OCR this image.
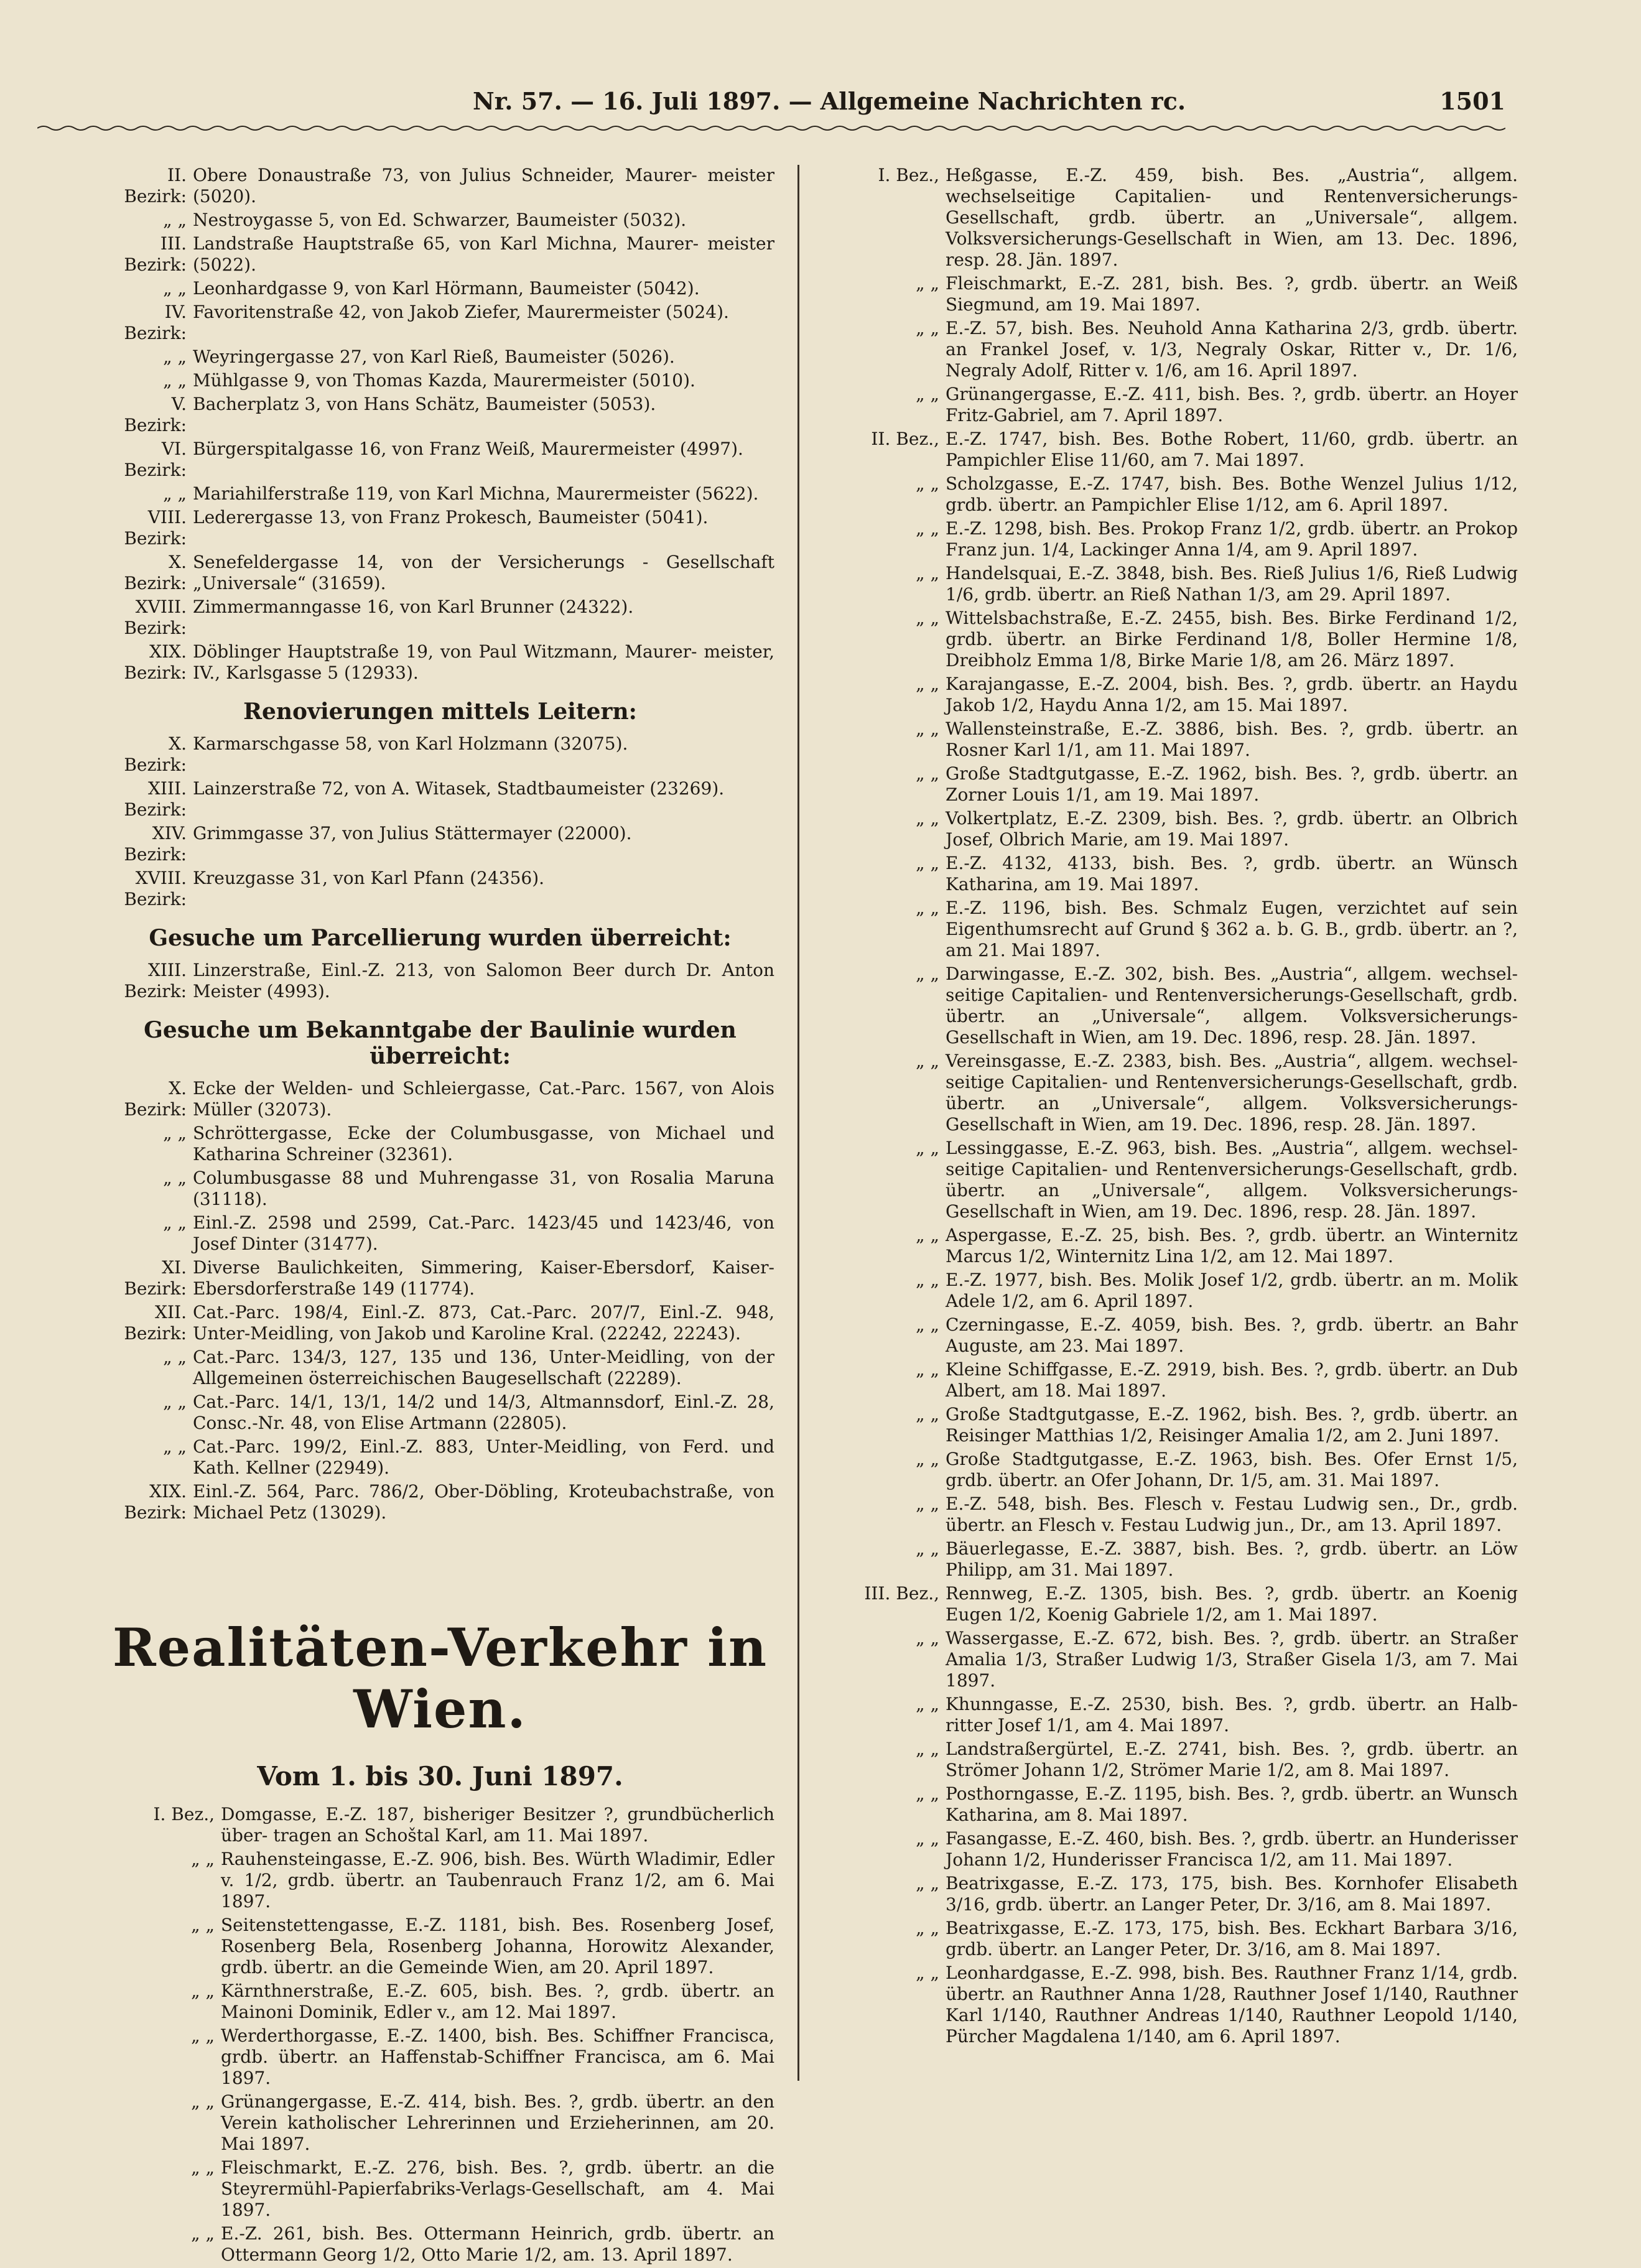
Nr. 57. — 16. Juli 1897. — Allgemeine Nachrichten rc.	1501
II. Bezirk:
Obere Donaustraße 73, von Julius Schneider, Maurer- meister (5020).
„ „ Nestroygasse 5, von Ed. Schwarzer, Baumeister (5032).
III. Bezirk:
Landstraße Hauptstraße 65, von Karl Michna, Maurer- meister (5022).
„ „ Leonhardgasse 9, von Karl Hörmann, Baumeister (5042).
IV. Bezirk:
Favoritenstraße 42, von Jakob Ziefer, Maurermeister (5024).
„ „ Weyringergasse 27, von Karl Rieß, Baumeister (5026).
„ „ Mühlgasse 9, von Thomas Kazda, Maurermeister (5010).
V. Bezirk:
Bacherplatz 3, von Hans Schätz, Baumeister (5053).
VI. Bezirk:
Bürgerspitalgasse 16, von Franz Weiß, Maurermeister (4997).
„ „ Mariahilferstraße 119, von Karl Michna, Maurermeister (5622).
VIII. Bezirk:
Lederergasse 13, von Franz Prokesch, Baumeister (5041).
X. Bezirk:
Senefeldergasse 14, von der Versicherungs - Gesellschaft „Universale“ (31659).
XVIII. Bezirk:
Zimmermanngasse 16, von Karl Brunner (24322).
XIX. Bezirk:
Döblinger Hauptstraße 19, von Paul Witzmann, Maurer- meister, IV., Karlsgasse 5 (12933).
Renovierungen mittels Leitern:
X. Bezirk:
Karmarschgasse 58, von Karl Holzmann (32075).
XIII. Bezirk:
Lainzerstraße 72, von A. Witasek, Stadtbaumeister (23269).
XIV. Bezirk:
Grimmgasse 37, von Julius Stättermayer (22000).
XVIII. Bezirk:
Kreuzgasse 31, von Karl Pfann (24356).
Gesuche um Parcellierung wurden überreicht:
XIII. Bezirk:
Linzerstraße, Einl.-Z. 213, von Salomon Beer durch Dr. Anton Meister (4993).
Gesuche um Bekanntgabe der Baulinie wurden überreicht:
X. Bezirk:
Ecke der Welden- und Schleiergasse, Cat.-Parc. 1567, von Alois Müller (32073).
„ „ Schröttergasse, Ecke der Columbusgasse, von Michael und Katharina Schreiner (32361).
„ „ Columbusgasse 88 und Muhrengasse 31, von Rosalia Maruna (31118).
„ „ Einl.-Z. 2598 und 2599, Cat.-Parc. 1423/45 und 1423/46, von Josef Dinter (31477).
XI. Bezirk:
Diverse Baulichkeiten, Simmering, Kaiser-Ebersdorf, Kaiser- Ebersdorferstraße 149 (11774).
XII. Bezirk:
Cat.-Parc. 198/4, Einl.-Z. 873, Cat.-Parc. 207/7, Einl.-Z. 948, Unter-Meidling, von Jakob und Karoline Kral. (22242, 22243).
„ „ Cat.-Parc. 134/3, 127, 135 und 136, Unter-Meidling, von der Allgemeinen österreichischen Baugesellschaft (22289).
„ „ Cat.-Parc. 14/1, 13/1, 14/2 und 14/3, Altmannsdorf, Einl.-Z. 28, Consc.-Nr. 48, von Elise Artmann (22805).
„ „ Cat.-Parc. 199/2, Einl.-Z. 883, Unter-Meidling, von Ferd. und Kath. Kellner (22949).
XIX. Bezirk:
Einl.-Z. 564, Parc. 786/2, Ober-Döbling, Kroteubachstraße, von Michael Petz (13029).
Realitäten-Verkehr in Wien.
Vom 1. bis 30. Juni 1897.
I. Bez., Domgasse, E.-Z. 187, bisheriger Besitzer ?, grundbücherlich über- tragen an Schoštal Karl, am 11. Mai 1897.
„ „ Rauhensteingasse, E.-Z. 906, bish. Bes. Würth Wladimir, Edler v. 1/2, grdb. übertr. an Taubenrauch Franz 1/2, am 6. Mai 1897.
„ „ Seitenstettengasse, E.-Z. 1181, bish. Bes. Rosenberg Josef, Rosenberg Bela, Rosenberg Johanna, Horowitz Alexander, grdb. übertr. an die Gemeinde Wien, am 20. April 1897.
„ „ Kärnthnerstraße, E.-Z. 605, bish. Bes. ?, grdb. übertr. an Mainoni Dominik, Edler v., am 12. Mai 1897.
„ „ Werderthorgasse, E.-Z. 1400, bish. Bes. Schiffner Francisca, grdb. übertr. an Haffenstab-Schiffner Francisca, am 6. Mai 1897.
„ „ Grünangergasse, E.-Z. 414, bish. Bes. ?, grdb. übertr. an den Verein katholischer Lehrerinnen und Erzieherinnen, am 20. Mai 1897.
„ „ Fleischmarkt, E.-Z. 276, bish. Bes. ?, grdb. übertr. an die Steyrermühl-Papierfabriks-Verlags-Gesellschaft, am 4. Mai 1897.
„ „ E.-Z. 261, bish. Bes. Ottermann Heinrich, grdb. übertr. an Ottermann Georg 1/2, Otto Marie 1/2, am. 13. April 1897.
I. Bez., Heßgasse, E.-Z. 459, bish. Bes. „Austria“, allgem. wechselseitige Capitalien- und Rentenversicherungs-Gesellschaft, grdb. übertr. an „Universale“, allgem. Volksversicherungs-Gesellschaft in Wien, am 13. Dec. 1896, resp. 28. Jän. 1897.
„ „ Fleischmarkt, E.-Z. 281, bish. Bes. ?, grdb. übertr. an Weiß Siegmund, am 19. Mai 1897.
„ „ E.-Z. 57, bish. Bes. Neuhold Anna Katharina 2/3, grdb. übertr. an Frankel Josef, v. 1/3, Negraly Oskar, Ritter v., Dr. 1/6, Negraly Adolf, Ritter v. 1/6, am 16. April 1897.
„ „ Grünangergasse, E.-Z. 411, bish. Bes. ?, grdb. übertr. an Hoyer Fritz-Gabriel, am 7. April 1897.
II. Bez., E.-Z. 1747, bish. Bes. Bothe Robert, 11/60, grdb. übertr. an Pampichler Elise 11/60, am 7. Mai 1897.
„ „ Scholzgasse, E.-Z. 1747, bish. Bes. Bothe Wenzel Julius 1/12, grdb. übertr. an Pampichler Elise 1/12, am 6. April 1897.
„ „ E.-Z. 1298, bish. Bes. Prokop Franz 1/2, grdb. übertr. an Prokop Franz jun. 1/4, Lackinger Anna 1/4, am 9. April 1897.
„ „ Handelsquai, E.-Z. 3848, bish. Bes. Rieß Julius 1/6, Rieß Ludwig 1/6, grdb. übertr. an Rieß Nathan 1/3, am 29. April 1897.
„ „ Wittelsbachstraße, E.-Z. 2455, bish. Bes. Birke Ferdinand 1/2, grdb. übertr. an Birke Ferdinand 1/8, Boller Hermine 1/8, Dreibholz Emma 1/8, Birke Marie 1/8, am 26. März 1897.
„ „ Karajangasse, E.-Z. 2004, bish. Bes. ?, grdb. übertr. an Haydu Jakob 1/2, Haydu Anna 1/2, am 15. Mai 1897.
„ „ Wallensteinstraße, E.-Z. 3886, bish. Bes. ?, grdb. übertr. an Rosner Karl 1/1, am 11. Mai 1897.
„ „ Große Stadtgutgasse, E.-Z. 1962, bish. Bes. ?, grdb. übertr. an Zorner Louis 1/1, am 19. Mai 1897.
„ „ Volkertplatz, E.-Z. 2309, bish. Bes. ?, grdb. übertr. an Olbrich Josef, Olbrich Marie, am 19. Mai 1897.
„ „ E.-Z. 4132, 4133, bish. Bes. ?, grdb. übertr. an Wünsch Katharina, am 19. Mai 1897.
„ „ E.-Z. 1196, bish. Bes. Schmalz Eugen, verzichtet auf sein Eigenthumsrecht auf Grund § 362 a. b. G. B., grdb. übertr. an ?, am 21. Mai 1897.
„ „ Darwingasse, E.-Z. 302, bish. Bes. „Austria“, allgem. wechsel- seitige Capitalien- und Rentenversicherungs-Gesellschaft, grdb. übertr. an „Universale“, allgem. Volksversicherungs-Gesellschaft in Wien, am 19. Dec. 1896, resp. 28. Jän. 1897.
„ „ Vereinsgasse, E.-Z. 2383, bish. Bes. „Austria“, allgem. wechsel- seitige Capitalien- und Rentenversicherungs-Gesellschaft, grdb. übertr. an „Universale“, allgem. Volksversicherungs-Gesellschaft in Wien, am 19. Dec. 1896, resp. 28. Jän. 1897.
„ „ Lessinggasse, E.-Z. 963, bish. Bes. „Austria“, allgem. wechsel- seitige Capitalien- und Rentenversicherungs-Gesellschaft, grdb. übertr. an „Universale“, allgem. Volksversicherungs-Gesellschaft in Wien, am 19. Dec. 1896, resp. 28. Jän. 1897.
„ „ Aspergasse, E.-Z. 25, bish. Bes. ?, grdb. übertr. an Winternitz Marcus 1/2, Winternitz Lina 1/2, am 12. Mai 1897.
„ „ E.-Z. 1977, bish. Bes. Molik Josef 1/2, grdb. übertr. an m. Molik Adele 1/2, am 6. April 1897.
„ „ Czerningasse, E.-Z. 4059, bish. Bes. ?, grdb. übertr. an Bahr Auguste, am 23. Mai 1897.
„ „ Kleine Schiffgasse, E.-Z. 2919, bish. Bes. ?, grdb. übertr. an Dub Albert, am 18. Mai 1897.
„ „ Große Stadtgutgasse, E.-Z. 1962, bish. Bes. ?, grdb. übertr. an Reisinger Matthias 1/2, Reisinger Amalia 1/2, am 2. Juni 1897.
„ „ Große Stadtgutgasse, E.-Z. 1963, bish. Bes. Ofer Ernst 1/5, grdb. übertr. an Ofer Johann, Dr. 1/5, am. 31. Mai 1897.
„ „ E.-Z. 548, bish. Bes. Flesch v. Festau Ludwig sen., Dr., grdb. übertr. an Flesch v. Festau Ludwig jun., Dr., am 13. April 1897.
„ „ Bäuerlegasse, E.-Z. 3887, bish. Bes. ?, grdb. übertr. an Löw Philipp, am 31. Mai 1897.
III. Bez., Rennweg, E.-Z. 1305, bish. Bes. ?, grdb. übertr. an Koenig Eugen 1/2, Koenig Gabriele 1/2, am 1. Mai 1897.
„ „ Wassergasse, E.-Z. 672, bish. Bes. ?, grdb. übertr. an Straßer Amalia 1/3, Straßer Ludwig 1/3, Straßer Gisela 1/3, am 7. Mai 1897.
„ „ Khunngasse, E.-Z. 2530, bish. Bes. ?, grdb. übertr. an Halb- ritter Josef 1/1, am 4. Mai 1897.
„ „ Landstraßergürtel, E.-Z. 2741, bish. Bes. ?, grdb. übertr. an Strömer Johann 1/2, Strömer Marie 1/2, am 8. Mai 1897.
„ „ Posthorngasse, E.-Z. 1195, bish. Bes. ?, grdb. übertr. an Wunsch Katharina, am 8. Mai 1897.
„ „ Fasangasse, E.-Z. 460, bish. Bes. ?, grdb. übertr. an Hunderisser Johann 1/2, Hunderisser Francisca 1/2, am 11. Mai 1897.
„ „ Beatrixgasse, E.-Z. 173, 175, bish. Bes. Kornhofer Elisabeth 3/16, grdb. übertr. an Langer Peter, Dr. 3/16, am 8. Mai 1897.
„ „ Beatrixgasse, E.-Z. 173, 175, bish. Bes. Eckhart Barbara 3/16, grdb. übertr. an Langer Peter, Dr. 3/16, am 8. Mai 1897.
„ „ Leonhardgasse, E.-Z. 998, bish. Bes. Rauthner Franz 1/14, grdb. übertr. an Rauthner Anna 1/28, Rauthner Josef 1/140, Rauthner Karl 1/140, Rauthner Andreas 1/140, Rauthner Leopold 1/140, Pürcher Magdalena 1/140, am 6. April 1897.
